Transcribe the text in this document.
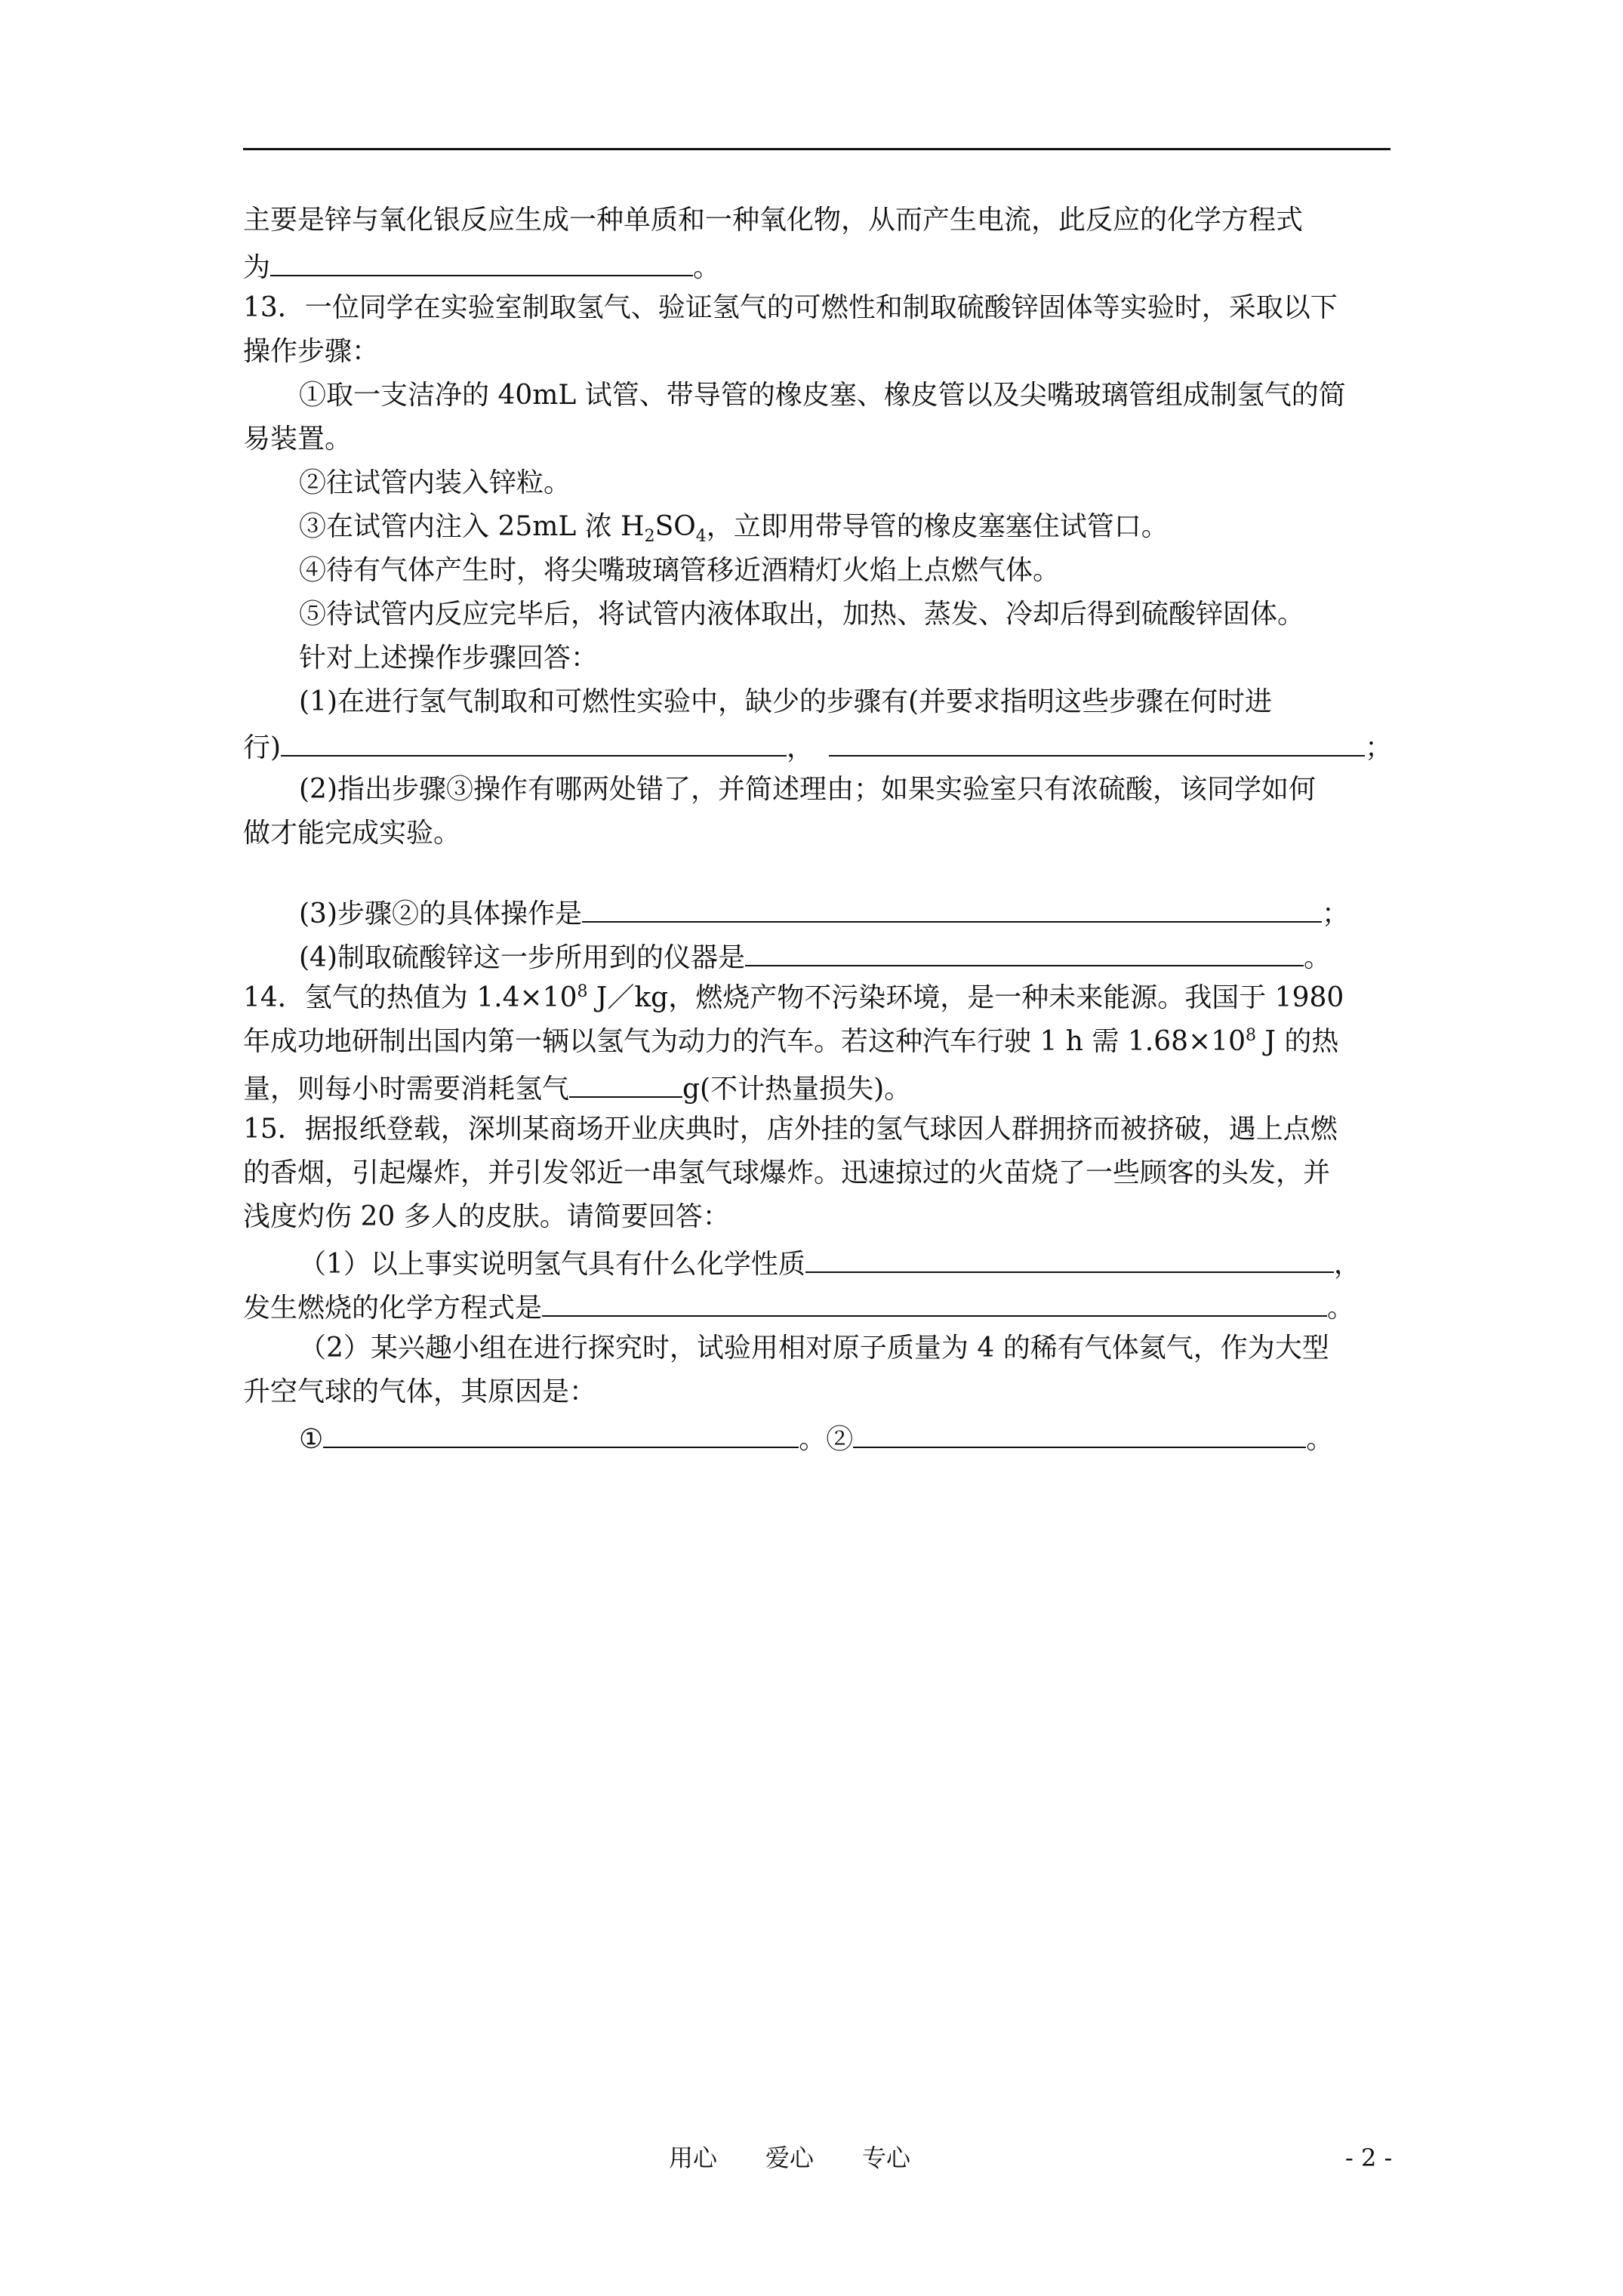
主要是锌与氧化银反应生成一种单质和一种氧化物，从而产生电流，此反应的化学方程式
为	。
13．一位同学在实验室制取氢气、验证氢气的可燃性和制取硫酸锌固体等实验时，采取以下
操作步骤：
①取一支洁净的 40mL 试管、带导管的橡皮塞、橡皮管以及尖嘴玻璃管组成制氢气的简
易装置。
②往试管内装入锌粒。
③在试管内注入 25mL 浓 $H_2SO_4$，立即用带导管的橡皮塞塞住试管口。
④待有气体产生时，将尖嘴玻璃管移近酒精灯火焰上点燃气体。
⑤待试管内反应完毕后，将试管内液体取出，加热、蒸发、冷却后得到硫酸锌固体。
针对上述操作步骤回答：
(1)在进行氢气制取和可燃性实验中，缺少的步骤有(并要求指明这些步骤在何时进
行)	，	；
(2)指出步骤③操作有哪两处错了，并简述理由；如果实验室只有浓硫酸，该同学如何
做才能完成实验。
(3)步骤②的具体操作是	；
(4)制取硫酸锌这一步所用到的仪器是	。
14．氢气的热值为 $1.4\times 10^8$ J／kg，燃烧产物不污染环境，是一种未来能源。我国于 1980
年成功地研制出国内第一辆以氢气为动力的汽车。若这种汽车行驶 1 h 需 $1.68\times 10^8$ J 的热
量，则每小时需要消耗氢气	g(不计热量损失)。
15．据报纸登载，深圳某商场开业庆典时，店外挂的氢气球因人群拥挤而被挤破，遇上点燃
的香烟，引起爆炸，并引发邻近一串氢气球爆炸。迅速掠过的火苗烧了一些顾客的头发，并
浅度灼伤 20 多人的皮肤。请简要回答：
（1）以上事实说明氢气具有什么化学性质	，
发生燃烧的化学方程式是	。
（2）某兴趣小组在进行探究时，试验用相对原子质量为 4 的稀有气体氦气，作为大型
升空气球的气体，其原因是：
①	。②	。
用心　　爱心　　专心	- 2 -
